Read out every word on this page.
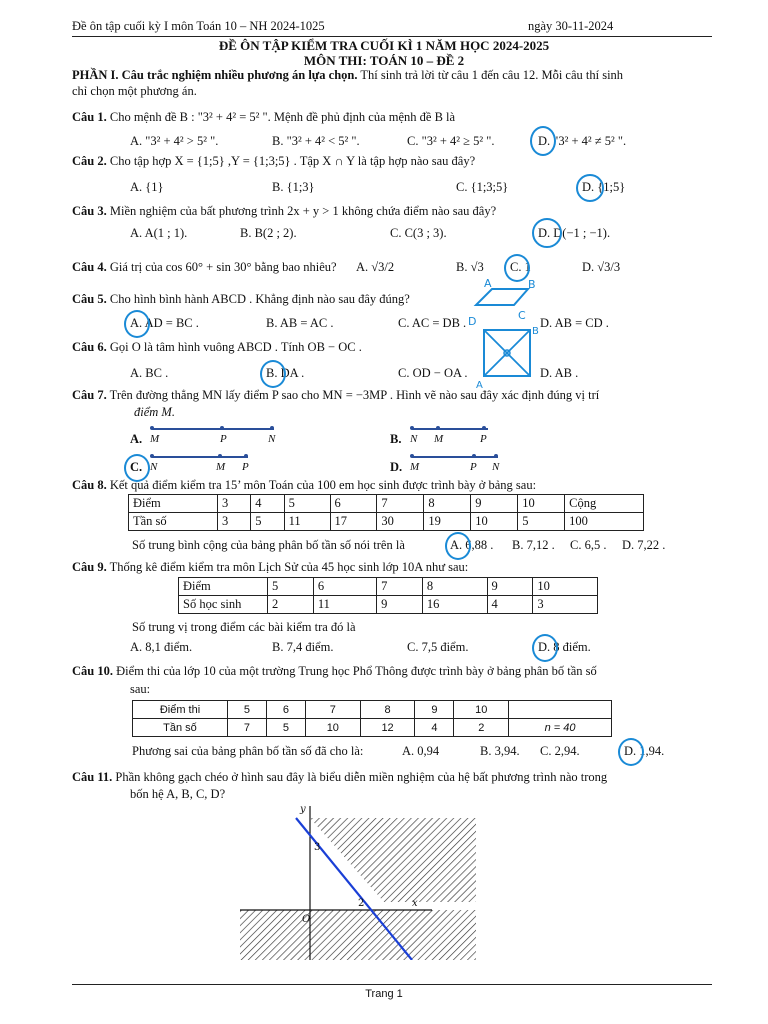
Đề ôn tập cuối kỳ I môn Toán 10 – NH 2024-1025	ngày 30-11-2024
ĐỀ ÔN TẬP KIỂM TRA CUỐI KÌ 1 NĂM HỌC 2024-2025
MÔN THI: TOÁN 10 – ĐỀ 2
PHẦN I. Câu trắc nghiệm nhiều phương án lựa chọn. Thí sinh trả lời từ câu 1 đến câu 12. Mỗi câu thí sinh
chỉ chọn một phương án.
Câu 1. Cho mệnh đề B : "3² + 4² = 5² ". Mệnh đề phủ định của mệnh đề B là
A. "3² + 4² > 5² ".	B. "3² + 4² < 5² ".	C. "3² + 4² ≥ 5² ".	D. "3² + 4² ≠ 5² ".
Câu 2. Cho tập hợp X = {1;5} ,Y = {1;3;5} . Tập X ∩ Y là tập hợp nào sau đây?
A. {1}	B. {1;3}	C. {1;3;5}	D. {1;5}
Câu 3. Miền nghiệm của bất phương trình 2x + y > 1 không chứa điểm nào sau đây?
A. A(1 ; 1).	B. B(2 ; 2).	C. C(3 ; 3).	D. D(−1 ; −1).
Câu 4. Giá trị của cos 60° + sin 30° bằng bao nhiêu? A. √3/2	B. √3 C. 1	D. √3/3
Câu 5. Cho hình bình hành ABCD . Khẳng định nào sau đây đúng?
A. AD = BC .	B. AB = AC .	C. AC = DB .	D. AB = CD .
A	B
C
D
Câu 6. Gọi O là tâm hình vuông ABCD . Tính OB − OC .
A. BC .	B. DA .	C. OD − OA .	D. AB .
B
A
Câu 7. Trên đường thẳng MN lấy điểm P sao cho MN = −3MP . Hình vẽ nào sau đây xác định đúng vị trí
điểm M.
A. M	P	N	B. N M	P
C. N	M P	D. M	P N
Câu 8. Kết quả điểm kiểm tra 15’ môn Toán của 100 em học sinh được trình bày ở bảng sau:
Điểm	3	4	5	6	7	8	9	10	Cộng
Tần số	3	5	11	17	30	19	10	5	100
Số trung bình cộng của bảng phân bố tần số nói trên là	A. 6,88 . B. 7,12 . C. 6,5 . D. 7,22 .
Câu 9. Thống kê điểm kiểm tra môn Lịch Sử của 45 học sinh lớp 10A như sau:
Điểm	5	6	7	8	9	10
Số học sinh	2	11	9	16	4	3
Số trung vị trong điểm các bài kiểm tra đó là
A. 8,1 điểm.	B. 7,4 điểm.	C. 7,5 điểm.	D. 8 điểm.
Câu 10. Điểm thi của lớp 10 của một trường Trung học Phổ Thông được trình bày ở bảng phân bố tần số
sau:
Điểm thi	5	6	7	8	9	10	
Tần số	7	5	10	12	4	2	n = 40
Phương sai của bảng phân bố tần số đã cho là:	A. 0,94	B. 3,94. C. 2,94.	D. 1,94.
Câu 11. Phần không gạch chéo ở hình sau đây là biểu diễn miền nghiệm của hệ bất phương trình nào trong
bốn hệ A, B, C, D?
y
x
O
3
2
Trang 1
